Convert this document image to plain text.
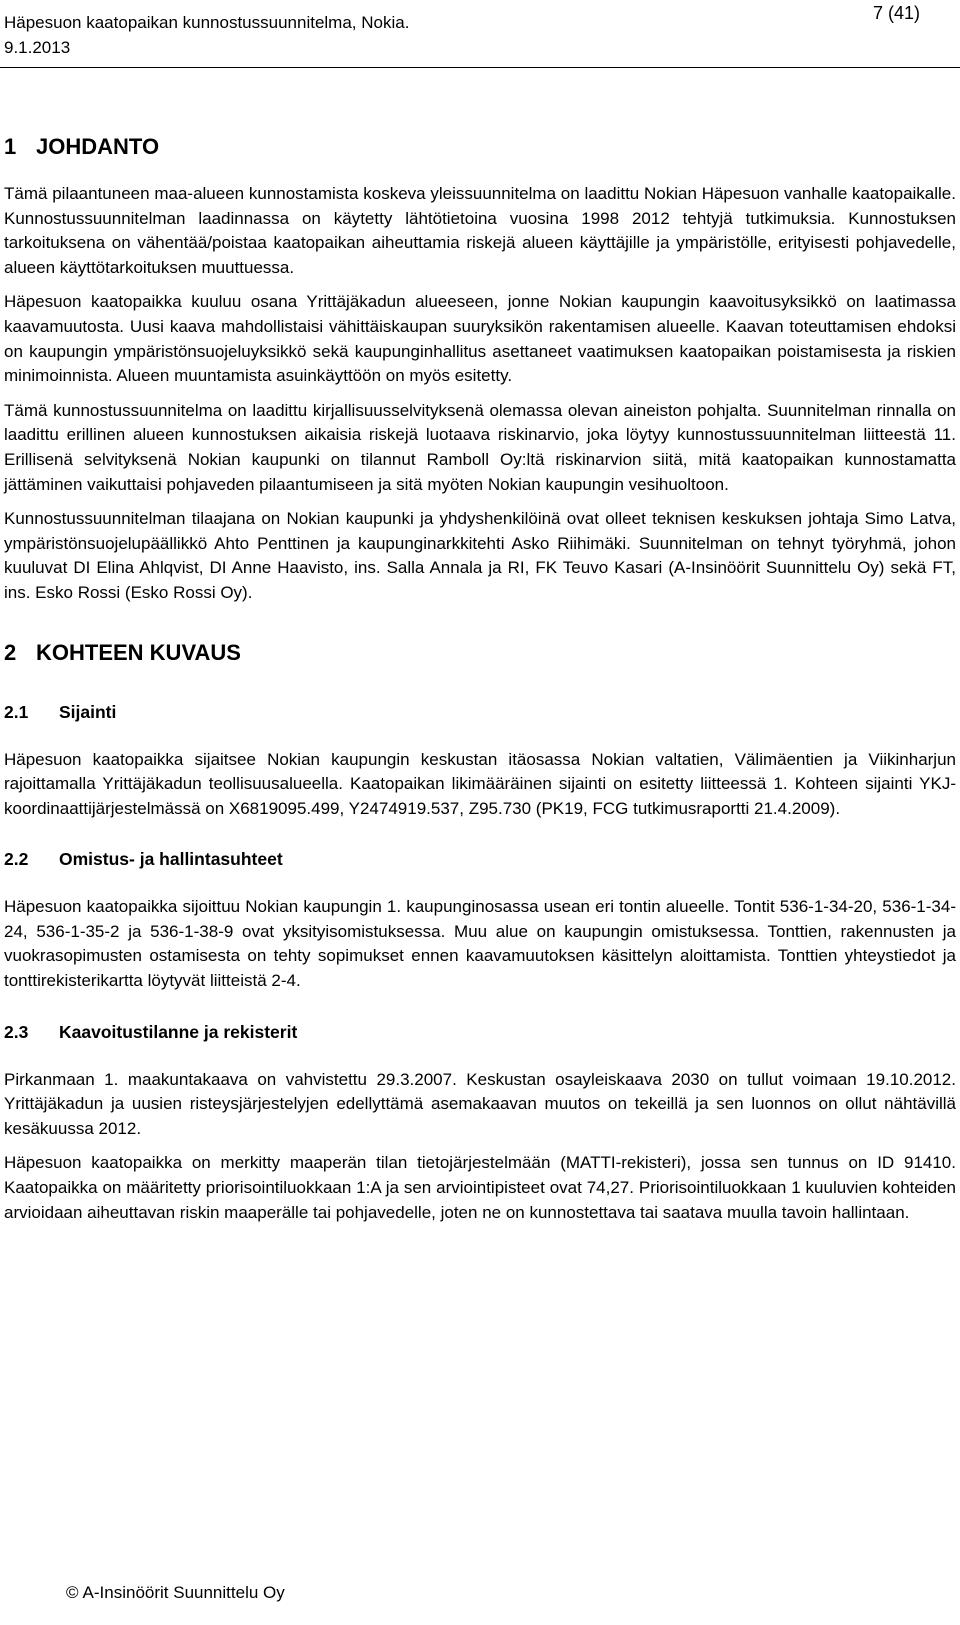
Häpesuon kaatopaikan kunnostussuunnitelma, Nokia.
9.1.2013
7 (41)
1 JOHDANTO

Tämä pilaantuneen maa-alueen kunnostamista koskeva yleissuunnitelma on laadittu Nokian Häpesuon vanhalle kaatopaikalle. Kunnostussuunnitelman laadinnassa on käytetty lähtötietoina vuosina 1998 2012 tehtyjä tutkimuksia. Kunnostuksen tarkoituksena on vähentää/poistaa kaatopaikan aiheuttamia riskejä alueen käyttäjille ja ympäristölle, erityisesti pohjavedelle, alueen käyttötarkoituksen muuttuessa.

Häpesuon kaatopaikka kuuluu osana Yrittäjäkadun alueeseen, jonne Nokian kaupungin kaavoitusyksikkö on laatimassa kaavamuutosta. Uusi kaava mahdollistaisi vähittäiskaupan suuryksikön rakentamisen alueelle. Kaavan toteuttamisen ehdoksi on kaupungin ympäristönsuojeluyksikkö sekä kaupunginhallitus asettaneet vaatimuksen kaatopaikan poistamisesta ja riskien minimoinnista. Alueen muuntamista asuinkäyttöön on myös esitetty.

Tämä kunnostussuunnitelma on laadittu kirjallisuusselvityksenä olemassa olevan aineiston pohjalta. Suunnitelman rinnalla on laadittu erillinen alueen kunnostuksen aikaisia riskejä luotaava riskinarvio, joka löytyy kunnostussuunnitelman liitteestä 11. Erillisenä selvityksenä Nokian kaupunki on tilannut Ramboll Oy:ltä riskinarvion siitä, mitä kaatopaikan kunnostamatta jättäminen vaikuttaisi pohjaveden pilaantumiseen ja sitä myöten Nokian kaupungin vesihuoltoon.

Kunnostussuunnitelman tilaajana on Nokian kaupunki ja yhdyshenkilöinä ovat olleet teknisen keskuksen johtaja Simo Latva, ympäristönsuojelupäällikkö Ahto Penttinen ja kaupunginarkkitehti Asko Riihimäki. Suunnitelman on tehnyt työryhmä, johon kuuluvat DI Elina Ahlqvist, DI Anne Haavisto, ins. Salla Annala ja RI, FK Teuvo Kasari (A-Insinöörit Suunnittelu Oy) sekä FT, ins. Esko Rossi (Esko Rossi Oy).

2 KOHTEEN KUVAUS
2.1 Sijainti

Häpesuon kaatopaikka sijaitsee Nokian kaupungin keskustan itäosassa Nokian valtatien, Välimäentien ja Viikinharjun rajoittamalla Yrittäjäkadun teollisuusalueella. Kaatopaikan likimääräinen sijainti on esitetty liitteessä 1. Kohteen sijainti YKJ-koordinaattijärjestelmässä on X6819095.499, Y2474919.537, Z95.730 (PK19, FCG tutkimusraportti 21.4.2009).

2.2 Omistus- ja hallintasuhteet

Häpesuon kaatopaikka sijoittuu Nokian kaupungin 1. kaupunginosassa usean eri tontin alueelle. Tontit 536-1-34-20, 536-1-34-24, 536-1-35-2 ja 536-1-38-9 ovat yksityisomistuksessa. Muu alue on kaupungin omistuksessa. Tonttien, rakennusten ja vuokrasopimusten ostamisesta on tehty sopimukset ennen kaavamuutoksen käsittelyn aloittamista. Tonttien yhteystiedot ja tonttirekisterikartta löytyvät liitteistä 2-4.

2.3 Kaavoitustilanne ja rekisterit

Pirkanmaan 1. maakuntakaava on vahvistettu 29.3.2007. Keskustan osayleiskaava 2030 on tullut voimaan 19.10.2012. Yrittäjäkadun ja uusien risteysjärjestelyjen edellyttämä asemakaavan muutos on tekeillä ja sen luonnos on ollut nähtävillä kesäkuussa 2012.

Häpesuon kaatopaikka on merkitty maaperän tilan tietojärjestelmään (MATTI-rekisteri), jossa sen tunnus on ID 91410. Kaatopaikka on määritetty priorisointiluokkaan 1:A ja sen arviointipisteet ovat 74,27. Priorisointiluokkaan 1 kuuluvien kohteiden arvioidaan aiheuttavan riskin maaperälle tai pohjavedelle, joten ne on kunnostettava tai saatava muulla tavoin hallintaan.

© A-Insinöörit Suunnittelu Oy
